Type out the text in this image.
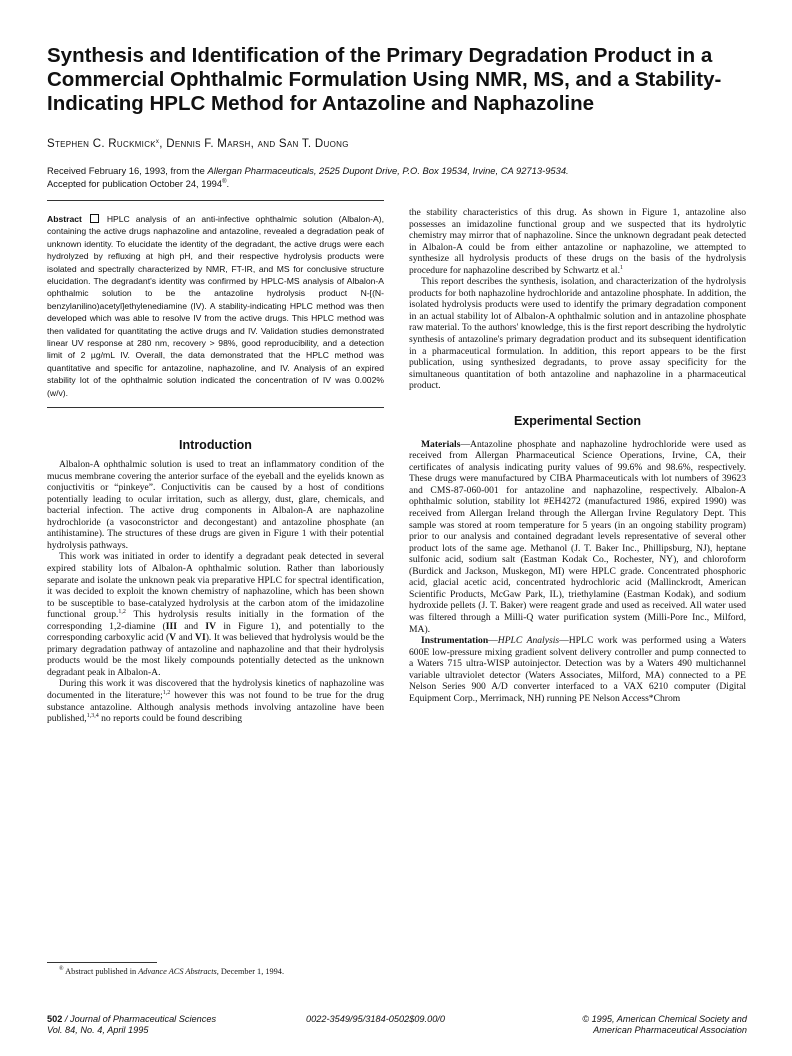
Synthesis and Identification of the Primary Degradation Product in a Commercial Ophthalmic Formulation Using NMR, MS, and a Stability-Indicating HPLC Method for Antazoline and Naphazoline

Stephen C. Ruckmick$^x$, Dennis F. Marsh, and San T. Duong

Received February 16, 1993, from the Allergan Pharmaceuticals, 2525 Dupont Drive, P.O. Box 19534, Irvine, CA 92713-9534.
Accepted for publication October 24, 1994®.

Abstract	HPLC analysis of an anti-infective ophthalmic solution (Albalon-A), containing the active drugs naphazoline and antazoline, revealed a degradation peak of unknown identity. To elucidate the identity of the degradant, the active drugs were each hydrolyzed by refluxing at high pH, and their respective hydrolysis products were isolated and spectrally characterized by NMR, FT-IR, and MS for conclusive structure elucidation. The degradant's identity was confirmed by HPLC-MS analysis of Albalon-A ophthalmic solution to be the antazoline hydrolysis product N-[(N-benzylanilino)acetyl]ethylenediamine (IV). A stability-indicating HPLC method was then developed which was able to resolve IV from the active drugs. This HPLC method was then validated for quantitating the active drugs and IV. Validation studies demonstrated linear UV response at 280 nm, recovery > 98%, good reproducibility, and a detection limit of 2 µg/mL IV. Overall, the data demonstrated that the HPLC method was quantitative and specific for antazoline, naphazoline, and IV. Analysis of an expired stability lot of the ophthalmic solution indicated the concentration of IV was 0.002% (w/v).

Introduction

Albalon-A ophthalmic solution is used to treat an inflammatory condition of the mucus membrane covering the anterior surface of the eyeball and the eyelids known as conjuctivitis or “pinkeye”. Conjuctivitis can be caused by a host of conditions potentially leading to ocular irritation, such as allergy, dust, glare, chemicals, and bacterial infection. The active drug components in Albalon-A are naphazoline hydrochloride (a vasoconstrictor and decongestant) and antazoline phosphate (an antihistamine). The structures of these drugs are given in Figure 1 with their potential hydrolysis pathways.

This work was initiated in order to identify a degradant peak detected in several expired stability lots of Albalon-A ophthalmic solution. Rather than laboriously separate and isolate the unknown peak via preparative HPLC for spectral identification, it was decided to exploit the known chemistry of naphazoline, which has been shown to be susceptible to base-catalyzed hydrolysis at the carbon atom of the imidazoline functional group.$^{1,2}$ This hydrolysis results initially in the formation of the corresponding 1,2-diamine (III and IV in Figure 1), and potentially to the corresponding carboxylic acid (V and VI). It was believed that hydrolysis would be the primary degradation pathway of antazoline and naphazoline and that their hydrolysis products would be the most likely compounds potentially detected as the unknown degradant peak in Albalon-A.

During this work it was discovered that the hydrolysis kinetics of naphazoline was documented in the literature;$^{1,2}$ however this was not found to be true for the drug substance antazoline. Although analysis methods involving antazoline have been published,$^{1,3,4}$ no reports could be found describing

the stability characteristics of this drug. As shown in Figure 1, antazoline also possesses an imidazoline functional group and we suspected that its hydrolytic chemistry may mirror that of naphazoline. Since the unknown degradant peak detected in Albalon-A could be from either antazoline or naphazoline, we attempted to synthesize all hydrolysis products of these drugs on the basis of the hydrolysis procedure for naphazoline described by Schwartz et al.$^1$

This report describes the synthesis, isolation, and characterization of the hydrolysis products for both naphazoline hydrochloride and antazoline phosphate. In addition, the isolated hydrolysis products were used to identify the primary degradation component in an actual stability lot of Albalon-A ophthalmic solution and in antazoline phosphate raw material. To the authors' knowledge, this is the first report describing the hydrolytic synthesis of antazoline's primary degradation product and its subsequent identification in a pharmaceutical formulation. In addition, this report appears to be the first publication, using synthesized degradants, to prove assay specificity for the simultaneous quantitation of both antazoline and naphazoline in a pharmaceutical product.

Experimental Section

Materials—Antazoline phosphate and naphazoline hydrochloride were used as received from Allergan Pharmaceutical Science Operations, Irvine, CA, their certificates of analysis indicating purity values of 99.6% and 98.6%, respectively. These drugs were manufactured by CIBA Pharmaceuticals with lot numbers of 39623 and CMS-87-060-001 for antazoline and naphazoline, respectively. Albalon-A ophthalmic solution, stability lot #EH4272 (manufactured 1986, expired 1990) was received from Allergan Ireland through the Allergan Irvine Regulatory Dept. This sample was stored at room temperature for 5 years (in an ongoing stability program) prior to our analysis and contained degradant levels representative of several other product lots of the same age. Methanol (J. T. Baker Inc., Phillipsburg, NJ), heptane sulfonic acid, sodium salt (Eastman Kodak Co., Rochester, NY), and chloroform (Burdick and Jackson, Muskegon, MI) were HPLC grade. Concentrated phosphoric acid, glacial acetic acid, concentrated hydrochloric acid (Mallinckrodt, American Scientific Products, McGaw Park, IL), triethylamine (Eastman Kodak), and sodium hydroxide pellets (J. T. Baker) were reagent grade and used as received. All water used was filtered through a Milli-Q water purification system (Milli-Pore Inc., Milford, MA).

Instrumentation—HPLC Analysis—HPLC work was performed using a Waters 600E low-pressure mixing gradient solvent delivery controller and pump connected to a Waters 715 ultra-WISP autoinjector. Detection was by a Waters 490 multichannel variable ultraviolet detector (Waters Associates, Milford, MA) connected to a PE Nelson Series 900 A/D converter interfaced to a VAX 6210 computer (Digital Equipment Corp., Merrimack, NH) running PE Nelson Access*Chrom

® Abstract published in Advance ACS Abstracts, December 1, 1994.

502 / Journal of Pharmaceutical Sciences
Vol. 84, No. 4, April 1995

0022-3549/95/3184-0502$09.00/0	© 1995, American Chemical Society and
American Pharmaceutical Association
